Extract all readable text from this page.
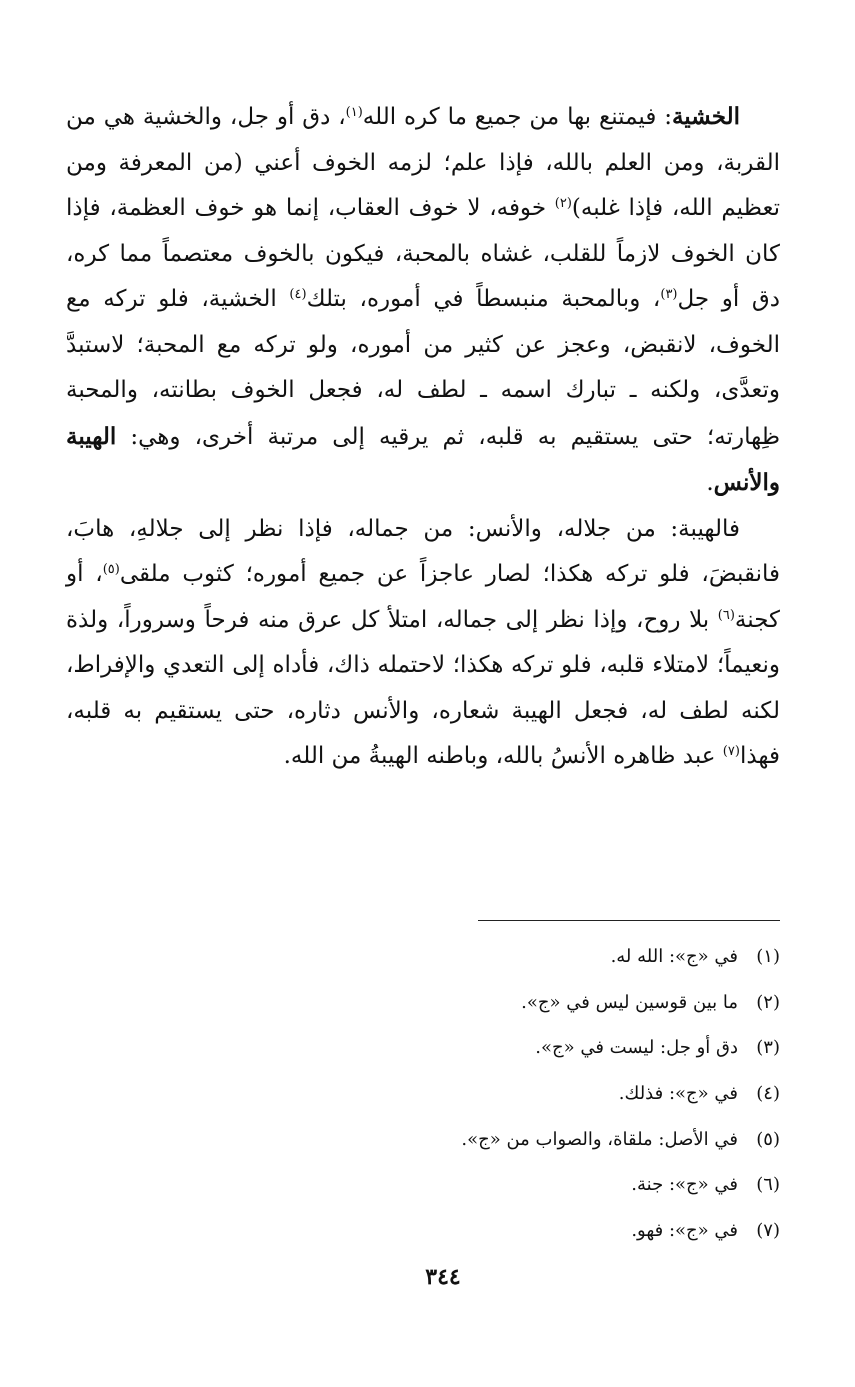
الخشية: فيمتنع بها من جميع ما كره الله$^{(١)}$، دق أو جل، والخشية هي من القربة، ومن العلم بالله، فإذا علم؛ لزمه الخوف أعني (من المعرفة ومن تعظيم الله، فإذا غلبه)$^{(٢)}$ خوفه، لا خوف العقاب، إنما هو خوف العظمة، فإذا كان الخوف لازماً للقلب، غشاه بالمحبة، فيكون بالخوف معتصماً مما كره، دق أو جل$^{(٣)}$، وبالمحبة منبسطاً في أموره، بتلك$^{(٤)}$ الخشية، فلو تركه مع الخوف، لانقبض، وعجز عن كثير من أموره، ولو تركه مع المحبة؛ لاستبدَّ وتعدَّى، ولكنه ـ تبارك اسمه ـ لطف له، فجعل الخوف بطانته، والمحبة ظِهارته؛ حتى يستقيم به قلبه، ثم يرقيه إلى مرتبة أخرى، وهي: الهيبة والأنس.

فالهيبة: من جلاله، والأنس: من جماله، فإذا نظر إلى جلالهِ، هابَ، فانقبضَ، فلو تركه هكذا؛ لصار عاجزاً عن جميع أموره؛ كثوب ملقى$^{(٥)}$، أو كجنة$^{(٦)}$ بلا روح، وإذا نظر إلى جماله، امتلأ كل عرق منه فرحاً وسروراً، ولذة ونعيماً؛ لامتلاء قلبه، فلو تركه هكذا؛ لاحتمله ذاك، فأداه إلى التعدي والإفراط، لكنه لطف له، فجعل الهيبة شعاره، والأنس دثاره، حتى يستقيم به قلبه، فهذا$^{(٧)}$ عبد ظاهره الأنسُ بالله، وباطنه الهيبةُ من الله.

(١)
في «ج»: الله له.
(٢)
ما بين قوسين ليس في «ج».
(٣)
دق أو جل: ليست في «ج».
(٤)
في «ج»: فذلك.
(٥)
في الأصل: ملقاة، والصواب من «ج».
(٦)
في «ج»: جنة.
(٧)
في «ج»: فهو.
٣٤٤
